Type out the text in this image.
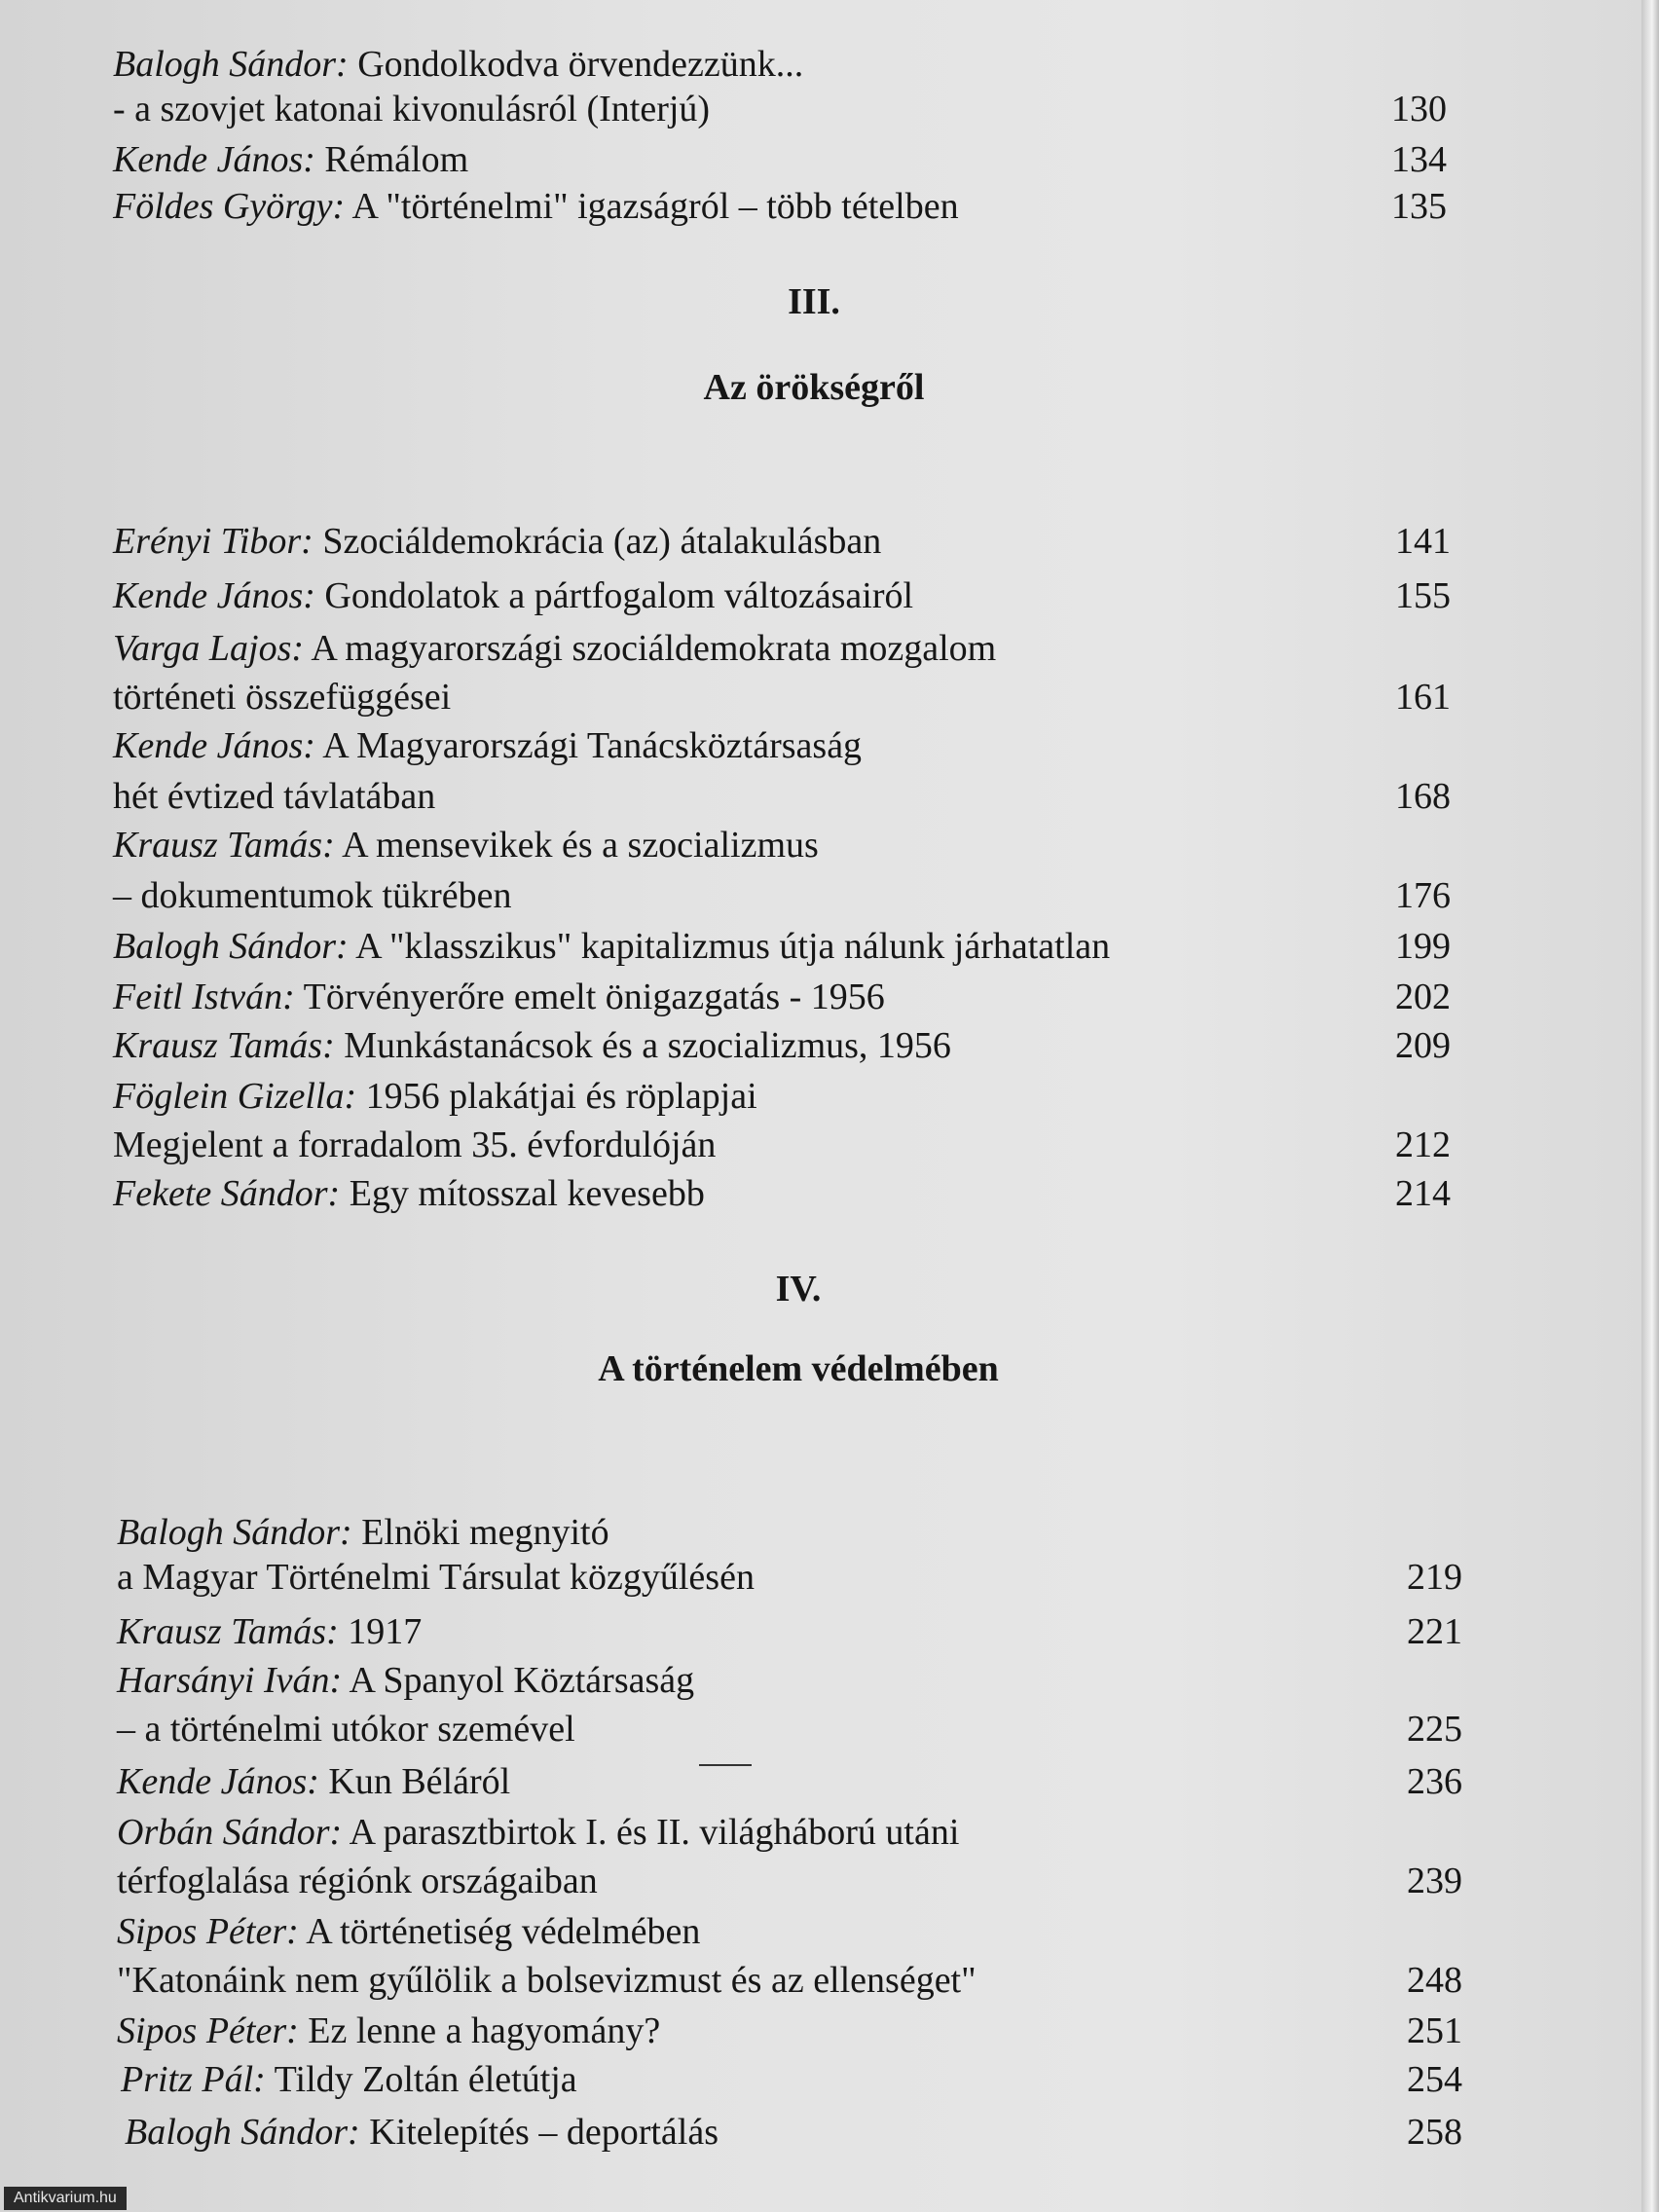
Balogh Sándor: Gondolkodva örvendezzünk...
- a szovjet katonai kivonulásról (Interjú)	130
Kende János: Rémálom	134
Földes György: A "történelmi" igazságról – több tételben	135
III.
Az örökségről
Erényi Tibor: Szociáldemokrácia (az) átalakulásban	141
Kende János: Gondolatok a pártfogalom változásairól	155
Varga Lajos: A magyarországi szociáldemokrata mozgalom
történeti összefüggései	161
Kende János: A Magyarországi Tanácsköztársaság
hét évtized távlatában	168
Krausz Tamás: A mensevikek és a szocializmus
– dokumentumok tükrében	176
Balogh Sándor: A "klasszikus" kapitalizmus útja nálunk járhatatlan	199
Feitl István: Törvényerőre emelt önigazgatás - 1956	202
Krausz Tamás: Munkástanácsok és a szocializmus, 1956	209
Föglein Gizella: 1956 plakátjai és röplapjai
Megjelent a forradalom 35. évfordulóján	212
Fekete Sándor: Egy mítosszal kevesebb	214
IV.
A történelem védelmében
Balogh Sándor: Elnöki megnyitó
a Magyar Történelmi Társulat közgyűlésén	219
Krausz Tamás: 1917	221
Harsányi Iván: A Spanyol Köztársaság
– a történelmi utókor szemével	225
Kende János: Kun Béláról	236
Orbán Sándor: A parasztbirtok I. és II. világháború utáni
térfoglalása régiónk országaiban	239
Sipos Péter: A történetiség védelmében
"Katonáink nem gyűlölik a bolsevizmust és az ellenséget"	248
Sipos Péter: Ez lenne a hagyomány?	251
Pritz Pál: Tildy Zoltán életútja	254
Balogh Sándor: Kitelepítés – deportálás	258
Antikvarium.hu
